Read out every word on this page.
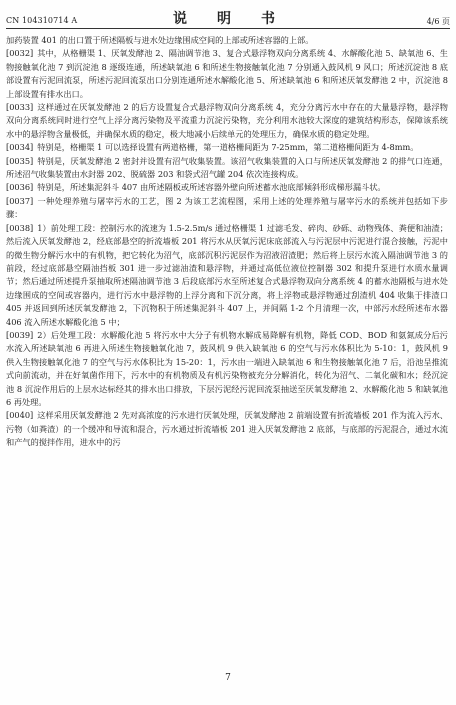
CN 104310714 A	说　明　书	4/6 页

加药装置 401 的出口置于所述隔板与进水处边缘围成空间的上部或所述容器的上部。

[0032] 其中，从格栅渠 1、厌氧发酵池 2、隔油调节池 3、复合式悬浮物双向分离系统 4、水解酸化池 5、缺氧池 6、生物接触氧化池 7 到沉淀池 8 逐级连通，所述缺氧池 6 和所述生物接触氧化池 7 分别通入鼓风机 9 风口；所述沉淀池 8 底部设置有污泥回流泵，所述污泥回流泵出口分别连通所述水解酸化池 5、所述缺氧池 6 和所述厌氧发酵池 2 中，沉淀池 8 上部设置有排水出口。

[0033] 这样通过在厌氧发酵池 2 的后方设置复合式悬浮物双向分离系统 4，充分分离污水中存在的大量悬浮物，悬浮物双向分离系统同时进行空气上浮分离污染物及平流重力沉淀污染物，充分利用水池较大深度的建筑结构形态，保障该系统水中的悬浮物含量极低，并确保水质的稳定，极大地减小后续单元的处理压力，确保水质的稳定处理。

[0034] 特别是，格栅渠 1 可以选择设置有两道格栅，第一道格栅间距为 7-25mm，第二道格栅间距为 4-8mm。

[0035] 特别是，厌氧发酵池 2 密封并设置有沼气收集装置。该沼气收集装置的入口与所述厌氧发酵池 2 的排气口连通，所述沼气收集装置由水封器 202、脱硫器 203 和袋式沼气罐 204 依次连接构成。

[0036] 特别是，所述集泥斜斗 407 由所述隔板或所述容器外壁向所述蓄水池底部倾斜形成梯形漏斗状。

[0037] 一种处理养殖与屠宰污水的工艺，图 2 为该工艺流程图，采用上述的处理养殖与屠宰污水的系统并包括如下步骤：

[0038] 1）前处理工段：控制污水的流速为 1.5-2.5m/s 通过格栅渠 1 过滤毛发、碎肉、砂砾、动物残体、粪便和油渣；然后流入厌氧发酵池 2，经底部悬空的折流墙板 201 将污水从厌氧污泥床底部流入与污泥层中污泥进行混合接触，污泥中的微生物分解污水中的有机物，把它转化为沼气，底部沉积污泥层作为沼液沼渣肥；然后将上层污水流入隔油调节池 3 的前段，经过底部悬空隔油挡板 301 进一步过滤油渣和悬浮物，并通过高低位液位控制器 302 和提升泵进行水质水量调节；然后通过所述提升泵抽取所述隔油调节池 3 后段底部污水至所述复合式悬浮物双向分离系统 4 的蓄水池隔板与进水处边缘围成的空间或容器内，进行污水中悬浮物的上浮分离和下沉分离，将上浮物或悬浮物通过刮渣机 404 收集于排渣口 405 并返回到所述厌氧发酵池 2，下沉物积于所述集泥斜斗 407 上，并间隔 1-2 个月清理一次，中部污水经所述布水器 406 流入所述水解酸化池 5 中；

[0039] 2）后处理工段：水解酸化池 5 将污水中大分子有机物水解成易降解有机物，降低 COD、BOD 和氨氮成分后污水流入所述缺氧池 6 再进入所述生物接触氧化池 7，鼓风机 9 供入缺氧池 6 的空气与污水体积比为 5-10：1，鼓风机 9 供入生物接触氧化池 7 的空气与污水体积比为 15-20：1，污水由一端进入缺氧池 6 和生物接触氧化池 7 后，沿池呈推流式向前流动，并在好氧菌作用下，污水中的有机物质及有机污染物被充分分解消化，转化为沼气、二氧化碳和水；经沉淀池 8 沉淀作用后的上层水达标经其的排水出口排放，下层污泥经污泥回流泵抽送至厌氧发酵池 2、水解酸化池 5 和缺氧池 6 再处理。

[0040] 这样采用厌氧发酵池 2 先对高浓度的污水进行厌氧处理，厌氧发酵池 2 前端设置有折流墙板 201 作为流入污水、污物（如粪渣）的一个缓冲和导流和混合，污水通过折流墙板 201 进入厌氧发酵池 2 底部，与底部的污泥混合，通过水流和产气的搅拌作用，进水中的污

7
